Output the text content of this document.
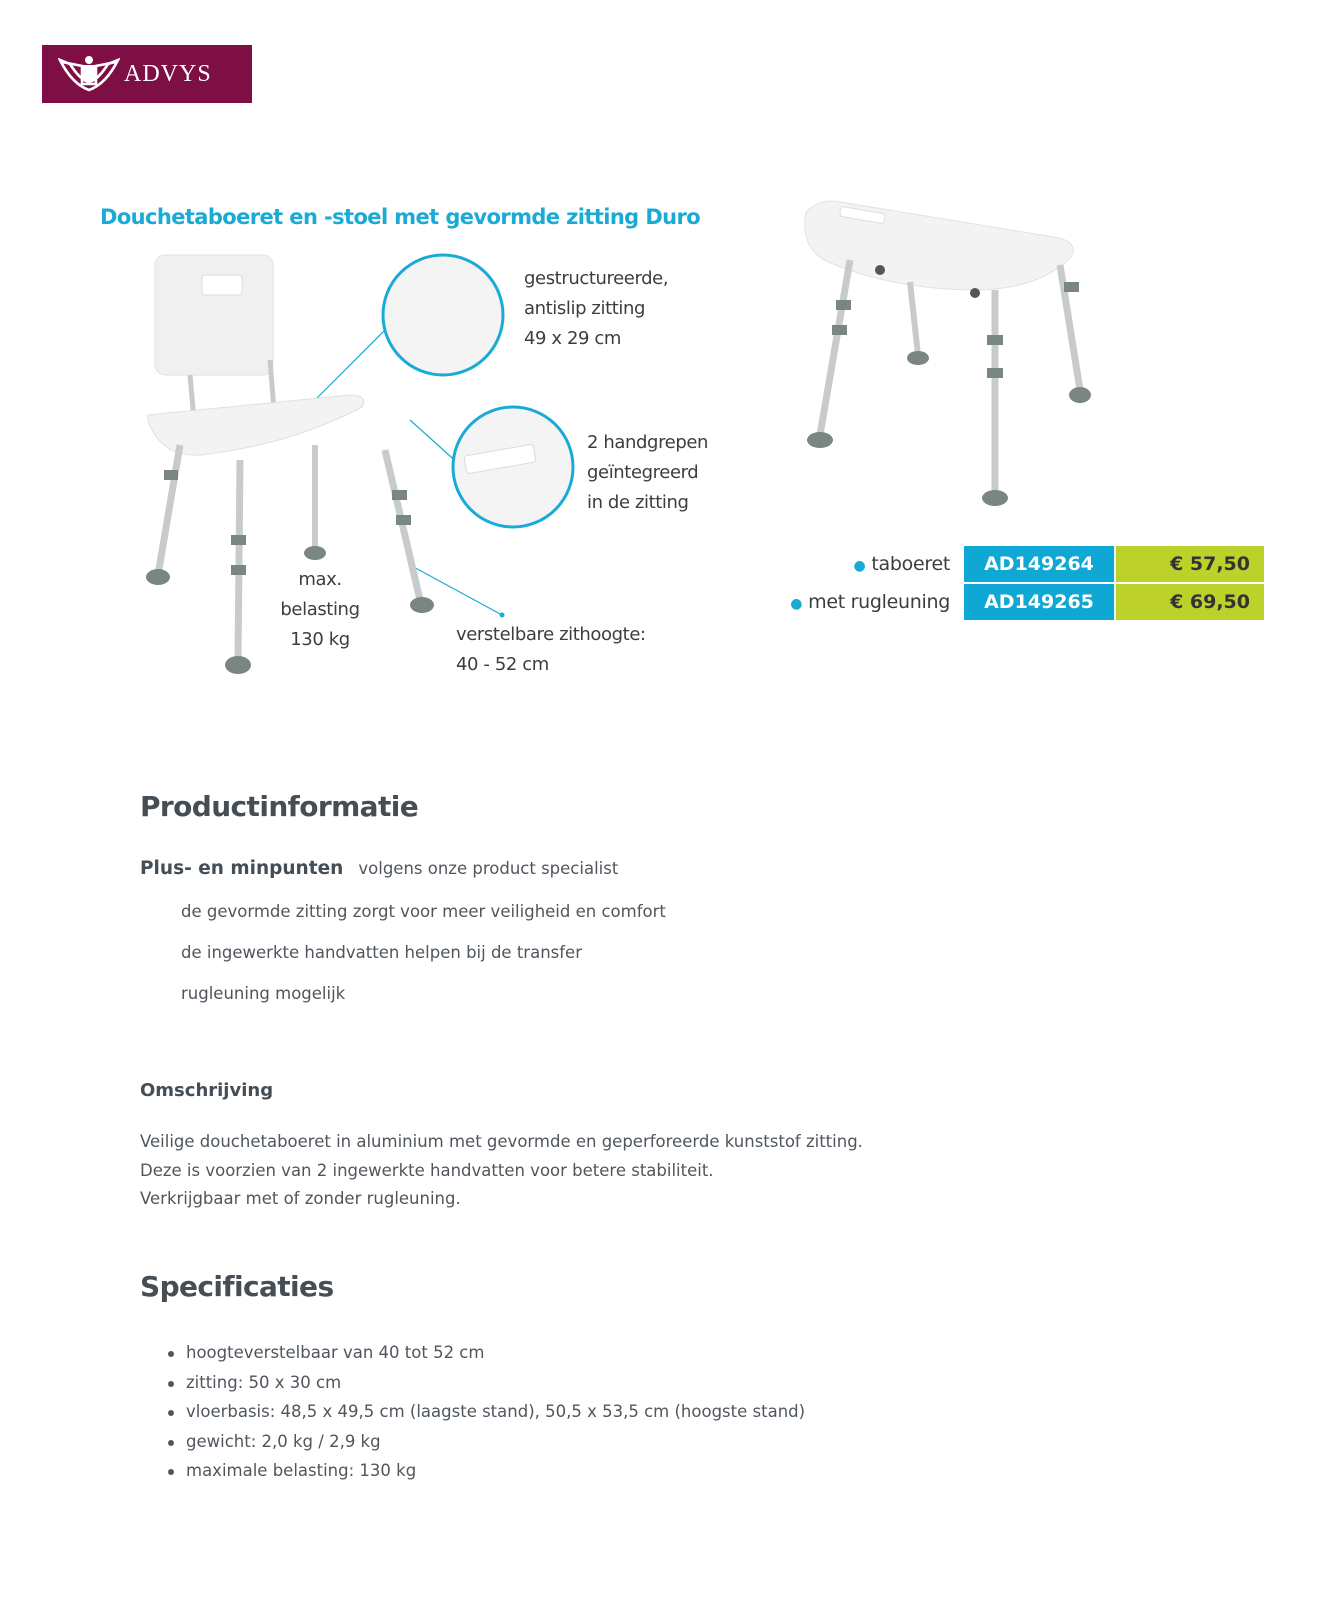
ADVYS
Douchetaboeret en -stoel met gevormde zitting Duro
gestructureerde,
antislip zitting
49 x 29 cm
2 handgrepen
geïntegreerd
in de zitting
max.
belasting
130 kg	verstelbare zithoogte:
40 - 52 cm
● taboeret	AD149264	€ 57,50
● met rugleuning	AD149265	€ 69,50
Productinformatie
Plus- en minpunten volgens onze product specialist
de gevormde zitting zorgt voor meer veiligheid en comfort
de ingewerkte handvatten helpen bij de transfer
rugleuning mogelijk
Omschrijving
Veilige douchetaboeret in aluminium met gevormde en geperforeerde kunststof zitting.
Deze is voorzien van 2 ingewerkte handvatten voor betere stabiliteit.
Verkrijgbaar met of zonder rugleuning.
Specificaties
hoogteverstelbaar van 40 tot 52 cm
zitting: 50 x 30 cm
vloerbasis: 48,5 x 49,5 cm (laagste stand), 50,5 x 53,5 cm (hoogste stand)
gewicht: 2,0 kg / 2,9 kg
maximale belasting: 130 kg
